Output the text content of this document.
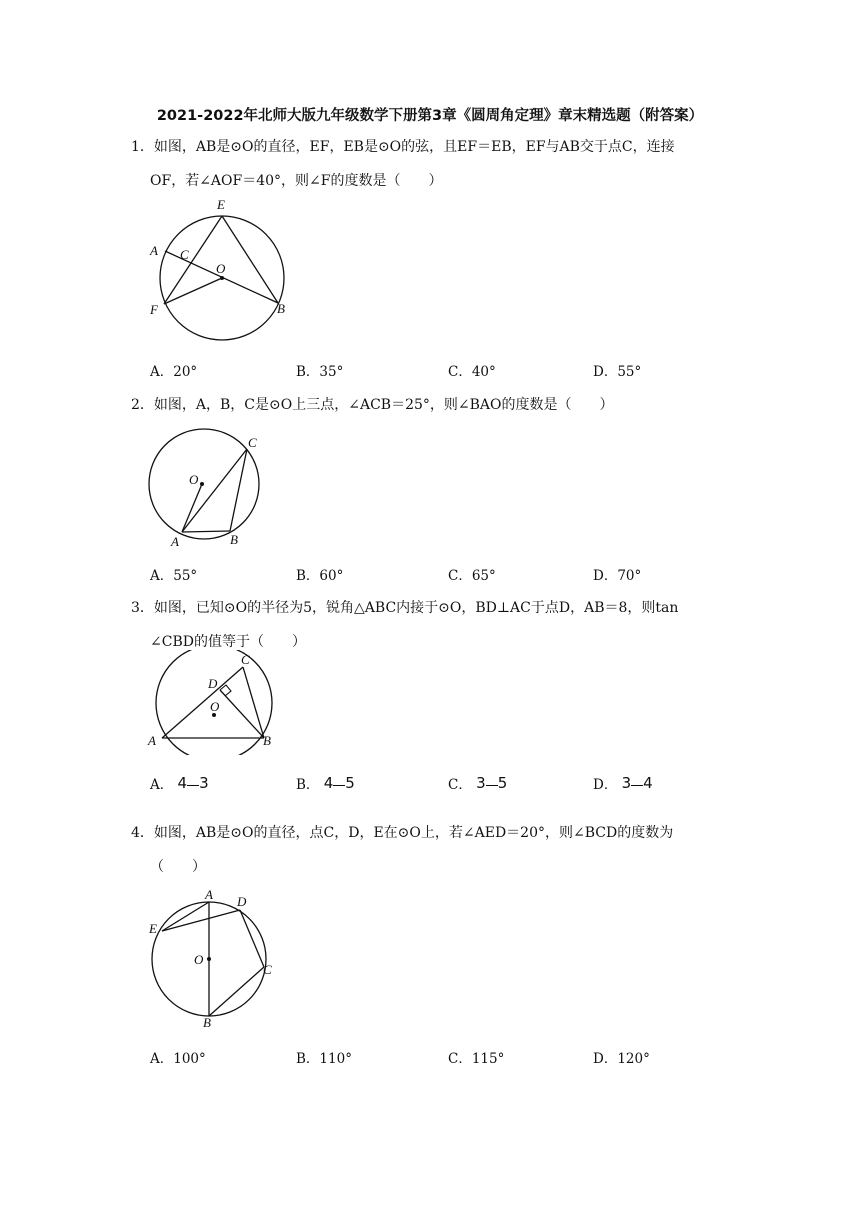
2021-2022年北师大版九年级数学下册第3章《圆周角定理》章末精选题（附答案）
1．如图，AB是⊙O的直径，EF，EB是⊙O的弦，且EF＝EB，EF与AB交于点C，连接
OF，若∠AOF＝40°，则∠F的度数是（　　）
E
A C
O
F	B
A．20°	B．35°	C．40°	D．55°
2．如图，A，B，C是⊙O上三点，∠ACB＝25°，则∠BAO的度数是（　　）
C
O
A	B
A．55°	B．60°	C．65°	D．70°
3．如图，已知⊙O的半径为5，锐角△ABC内接于⊙O，BD⊥AC于点D，AB＝8，则tan
∠CBD的值等于（　　）
C
D
O
A	B
A． 4 3	B． 4 5	C． 3 5	D． 3 4
4．如图，AB是⊙O的直径，点C，D，E在⊙O上，若∠AED＝20°，则∠BCD的度数为
（　　）
A D
E
O
C
B
A．100°	B．110°	C．115°	D．120°
